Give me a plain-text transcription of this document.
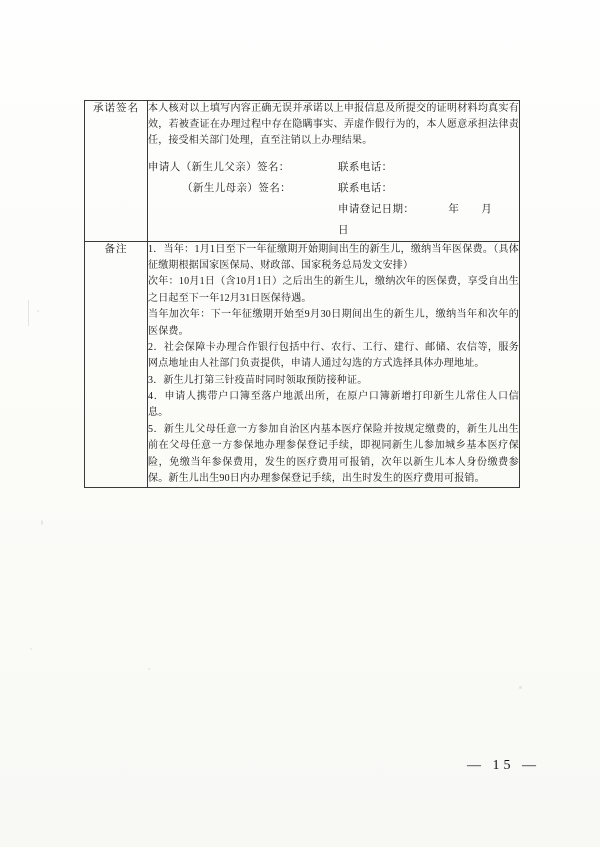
承诺签名	本人核对以上填写内容正确无误并承诺以上申报信息及所提交的证明材料均真实有效，若被查证在办理过程中存在隐瞒事实、弄虚作假行为的，本人愿意承担法律责任，接受相关部门处理，直至注销以上办理结果。

申请人（新生儿父亲）签名：	联系电话：
（新生儿母亲）签名：	联系电话：
申请登记日期：	年 月日

备注	1．当年：1月1日至下一年征缴期开始期间出生的新生儿，缴纳当年医保费。（具体征缴期根据国家医保局、财政部、国家税务总局发文安排）

次年：10月1日（含10月1日）之后出生的新生儿，缴纳次年的医保费，享受自出生之日起至下一年12月31日医保待遇。

当年加次年：下一年征缴期开始至9月30日期间出生的新生儿，缴纳当年和次年的医保费。

2．社会保障卡办理合作银行包括中行、农行、工行、建行、邮储、农信等，服务网点地址由人社部门负责提供，申请人通过勾选的方式选择具体办理地址。

3．新生儿打第三针疫苗时同时领取预防接种证。

4．申请人携带户口簿至落户地派出所，在原户口簿新增打印新生儿常住人口信息。

5．新生儿父母任意一方参加自治区内基本医疗保险并按规定缴费的，新生儿出生前在父母任意一方参保地办理参保登记手续，即视同新生儿参加城乡基本医疗保险，免缴当年参保费用，发生的医疗费用可报销，次年以新生儿本人身份缴费参保。新生儿出生90日内办理参保登记手续，出生时发生的医疗费用可报销。

— 15 —
